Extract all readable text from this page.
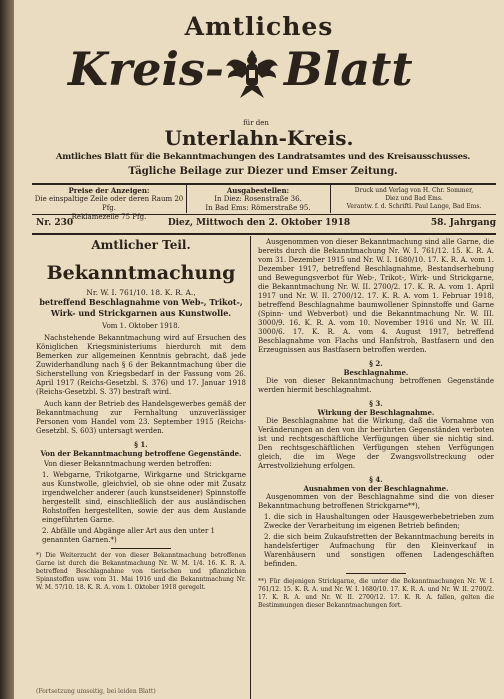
Amtliches
Kreis- Blatt
für den
Unterlahn-Kreis.
Amtliches Blatt für die Bekanntmachungen des Landratsamtes und des Kreisausschusses.
Tägliche Beilage zur Diezer und Emser Zeitung.
Preise der Anzeigen:
Die einspaltige Zeile oder deren Raum 20 Pfg.
Reklamezeile 75 Pfg.
Ausgabestellen:
In Diez: Rosenstraße 36.
In Bad Ems: Römerstraße 95.
Druck und Verlag von H. Chr. Sommer,
Diez und Bad Ems.
Verantw. f. d. Schriftl. Paul Lange, Bad Ems.
Nr. 230	Diez, Mittwoch den 2. Oktober 1918	58. Jahrgang
Amtlicher Teil.
Bekanntmachung
Nr. W. I. 761/10. 18. K. R. A.,
betreffend Beschlagnahme von Web-, Trikot-,
Wirk- und Strickgarnen aus Kunstwolle.
Vom 1. Oktober 1918.

Nachstehende Bekanntmachung wird auf Ersuchen des Königlichen Kriegsministeriums hierdurch mit dem Bemerken zur allgemeinen Kenntnis gebracht, daß jede Zuwiderhandlung nach § 6 der Bekanntmachung über die Sicherstellung von Kriegsbedarf in der Fassung vom 26. April 1917 (Reichs-Gesetzbl. S. 376) und 17. Januar 1918 (Reichs-Gesetzbl. S. 37) bestraft wird.

Auch kann der Betrieb des Handelsgewerbes gemäß der Bekanntmachung zur Fernhaltung unzuverlässiger Personen vom Handel vom 23. September 1915 (Reichs-Gesetzbl. S. 603) untersagt werden.

§ 1.
Von der Bekanntmachung betroffene Gegenstände.

Von dieser Bekanntmachung werden betroffen:

1. Webgarne, Trikotgarne, Wirkgarne und Strickgarne aus Kunstwolle, gleichviel, ob sie ohne oder mit Zusatz irgendwelcher anderer (auch kunstseidener) Spinnstoffe hergestellt sind, einschließlich der aus ausländischen Rohstoffen hergestellten, sowie der aus dem Auslande eingeführten Garne.

2. Abfälle und Abgänge aller Art aus den unter 1 genannten Garnen.*)

*) Die Weiterzucht der von dieser Bekanntmachung betroffenen Garne ist durch die Bekanntmachung Nr. W. M. 1/4. 16. K. R. A. betreffend Beschlagnahme von tierischen und pflanzlichen Spinnstoffen usw. vom 31. Mai 1916 und die Bekanntmachung Nr. W. M. 57/10. 18. K. R. A. vom 1. Oktober 1918 geregelt.

(Fortsetzung umseitig, bei leiden Blatt)

Ausgenommen von dieser Bekanntmachung sind alle Garne, die bereits durch die Bekanntmachung Nr. W. I. 761/12. 15. K. R. A. vom 31. Dezember 1915 und Nr. W. I. 1680/10. 17. K. R. A. vom 1. Dezember 1917, betreffend Beschlagnahme, Bestandserhebung und Bewegungsverbot für Web-, Trikot-, Wirk- und Strickgarne, die Bekanntmachung Nr. W. II. 2700/2. 17. K. R. A. vom 1. April 1917 und Nr. W. II. 2700/12. 17. K. R. A. vom 1. Februar 1918, betreffend Beschlagnahme baumwollener Spinnstoffe und Garne (Spinn- und Webverbot) und die Bekanntmachung Nr. W. III. 3000/9. 16. K. R. A. vom 10. November 1916 und Nr. W. III. 3000/6. 17. K. R. A. vom 4. August 1917, betreffend Beschlagnahme von Flachs und Hanfstroh, Bastfasern und den Erzeugnissen aus Bastfasern betroffen werden.

§ 2.
Beschlagnahme.

Die von dieser Bekanntmachung betroffenen Gegenstände werden hiermit beschlagnahmt.

§ 3.
Wirkung der Beschlagnahme.

Die Beschlagnahme hat die Wirkung, daß die Vornahme von Veränderungen an den von ihr berührten Gegenständen verboten ist und rechtsgeschäftliche Verfügungen über sie nichtig sind. Den rechtsgeschäftlichen Verfügungen stehen Verfügungen gleich, die im Wege der Zwangsvollstreckung oder Arrestvollziehung erfolgen.

§ 4.
Ausnahmen von der Beschlagnahme.

Ausgenommen von der Beschlagnahme sind die von dieser Bekanntmachung betroffenen Strickgarne**),

1. die sich in Haushaltungen oder Hausgewerbebetrieben zum Zwecke der Verarbeitung im eigenen Betrieb befinden;

2. die sich beim Zukaufstretten der Bekanntmachung bereits in handelsfertiger Aufmachung für den Kleinverkauf in Warenhäusern und sonstigen offenen Ladengeschäften befinden.

**) Für diejenigen Strickgarne, die unter die Bekanntmachungen Nr. W. I. 761/12. 15. K. R. A. und Nr. W. I. 1680/10. 17. K. R. A. und Nr. W. II. 2700/2. 17. K. R. A. und Nr. W. II. 2700/12. 17. K. R. A. fallen, gelten die Bestimmungen dieser Bekanntmachungen fort.
